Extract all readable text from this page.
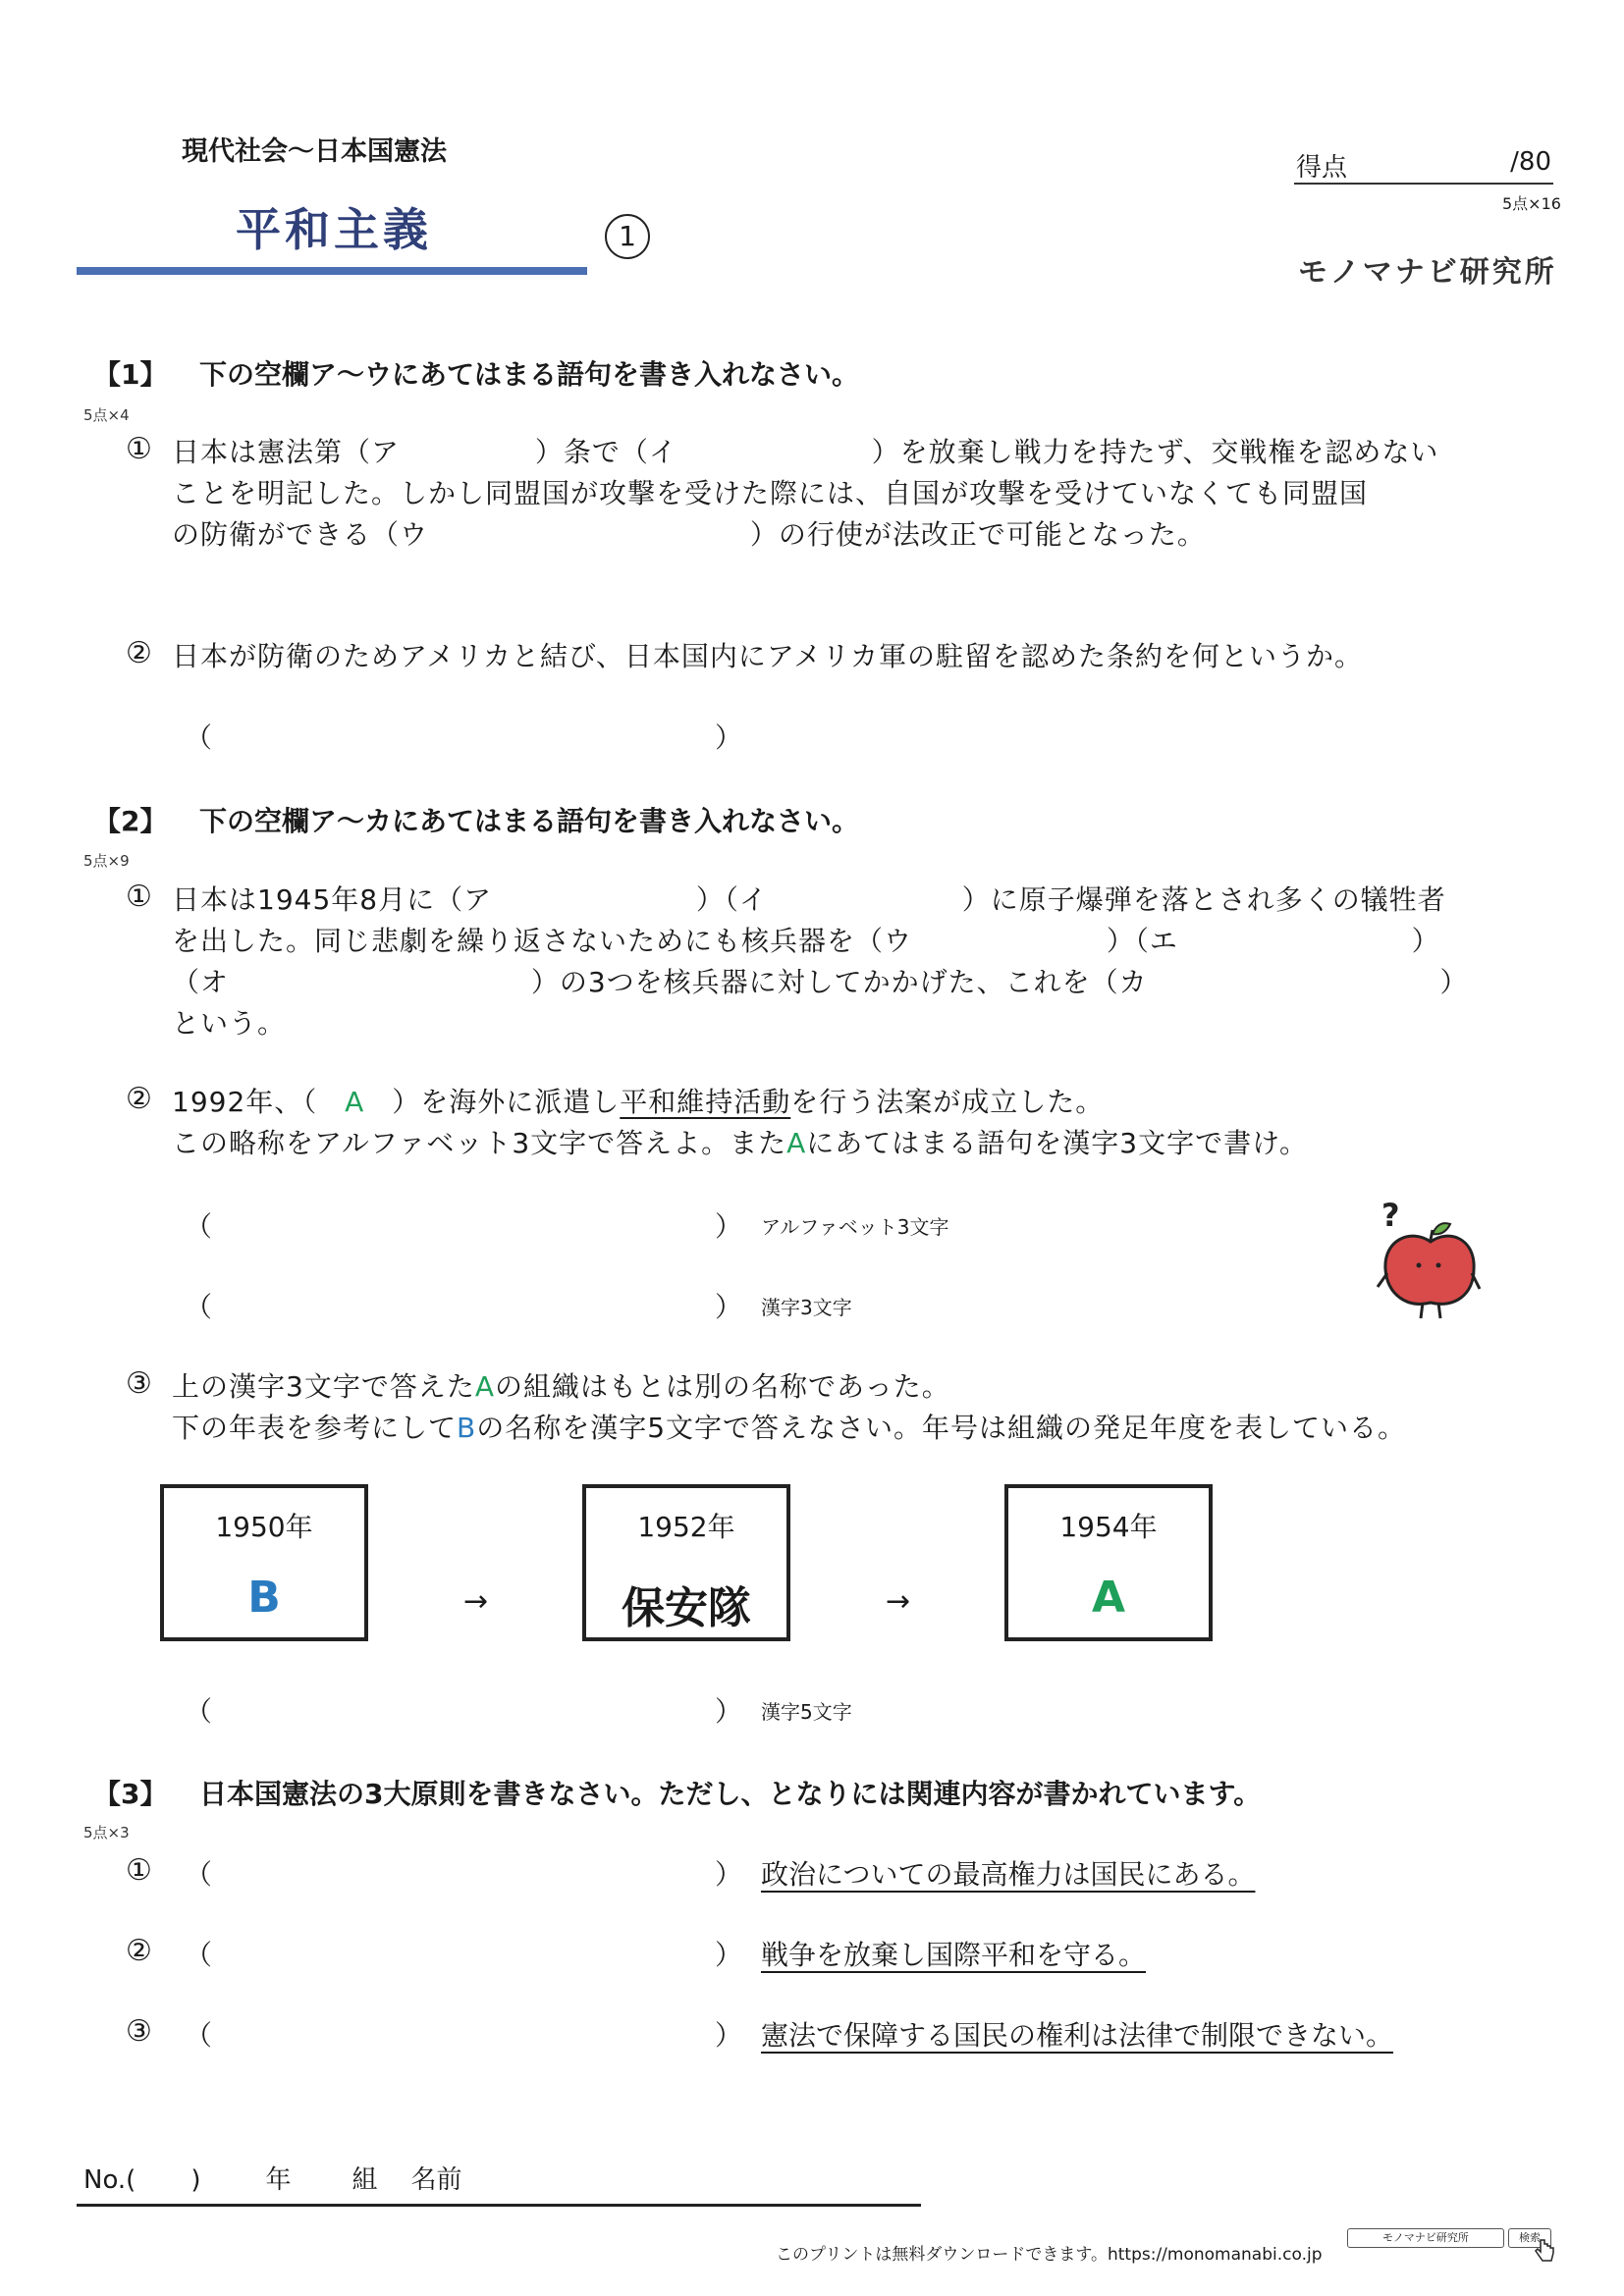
現代社会～日本国憲法
平和主義	1
得点	/80
5点×16
モノマナビ研究所
【1】 下の空欄ア～ウにあてはまる語句を書き入れなさい。
5点×4
① 日本は憲法第（ア	）条で（イ	）を放棄し戦力を持たず、交戦権を認めない
ことを明記した。しかし同盟国が攻撃を受けた際には、自国が攻撃を受けていなくても同盟国
の防衛ができる（ウ	）の行使が法改正で可能となった。
② 日本が防衛のためアメリカと結び、日本国内にアメリカ軍の駐留を認めた条約を何というか。
（	）
【2】 下の空欄ア～カにあてはまる語句を書き入れなさい。
5点×9
① 日本は1945年8月に（ア	）（イ	）に原子爆弾を落とされ多くの犠牲者
を出した。同じ悲劇を繰り返さないためにも核兵器を（ウ	）（エ	）
（オ	）の3つを核兵器に対してかかげた、これを（カ	）
という。
② 1992年、（ A ）を海外に派遣し平和維持活動を行う法案が成立した。
この略称をアルファベット3文字で答えよ。またAにあてはまる語句を漢字3文字で書け。
（	） アルファベット3文字
（	） 漢字3文字
?
③ 上の漢字3文字で答えたAの組織はもとは別の名称であった。
下の年表を参考にしてBの名称を漢字5文字で答えなさい。年号は組織の発足年度を表している。
1950年
B	→
1952年
保安隊	→
1954年
A
（	） 漢字5文字
【3】 日本国憲法の3大原則を書きなさい。ただし、となりには関連内容が書かれています。
5点×3
① （	） 政治についての最高権力は国民にある。
② （	） 戦争を放棄し国際平和を守る。
③ （	） 憲法で保障する国民の権利は法律で制限できない。
No.( )	年 組 名前
このプリントは無料ダウンロードできます。https://monomanabi.co.jp
モノマナビ研究所	検索
